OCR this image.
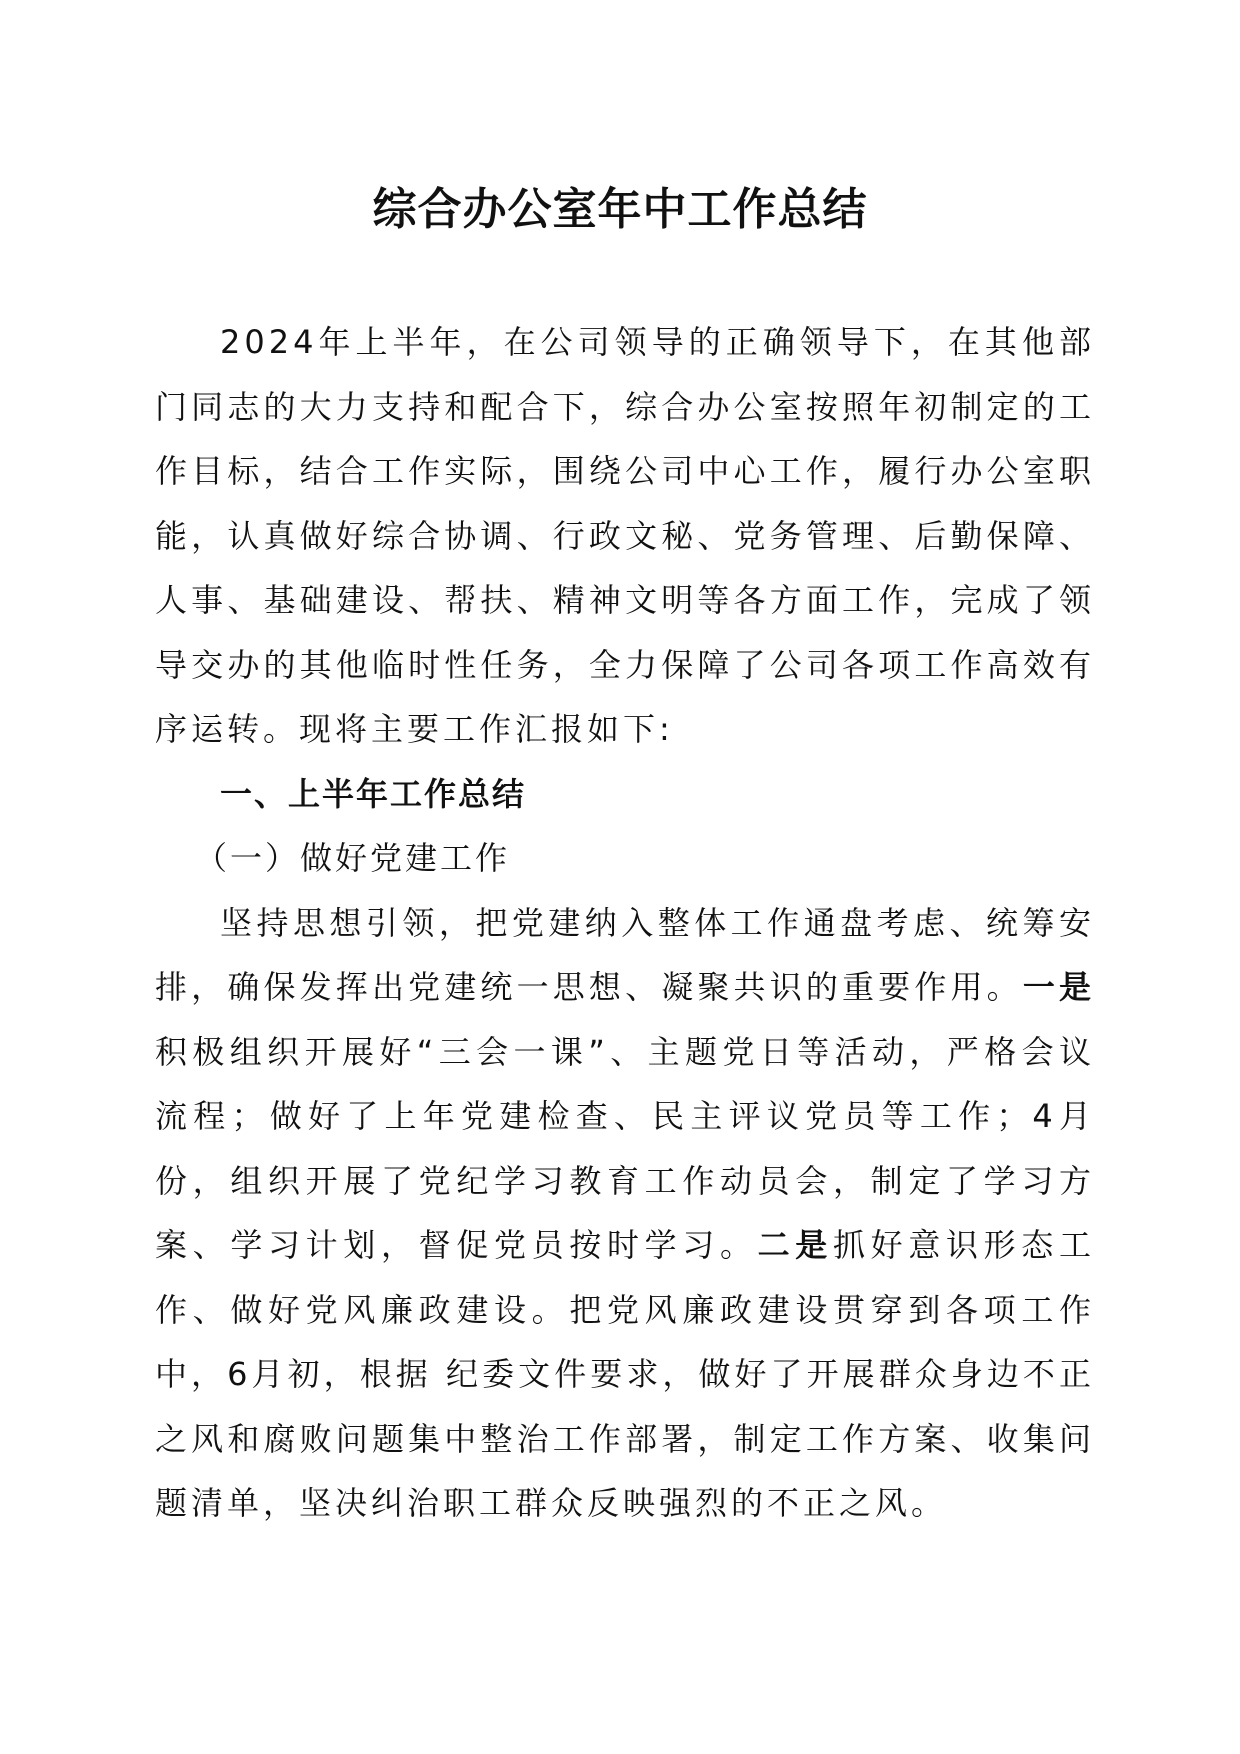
综合办公室年中工作总结

2024年上半年，在公司领导的正确领导下，在其他部门同志的大力支持和配合下，综合办公室按照年初制定的工作目标，结合工作实际，围绕公司中心工作，履行办公室职能，认真做好综合协调、行政文秘、党务管理、后勤保障、人事、基础建设、帮扶、精神文明等各方面工作，完成了领导交办的其他临时性任务，全力保障了公司各项工作高效有序运转。现将主要工作汇报如下:

一、上半年工作总结

（一）做好党建工作

坚持思想引领，把党建纳入整体工作通盘考虑、统筹安排，确保发挥出党建统一思想、凝聚共识的重要作用。一是积极组织开展好“三会一课”、主题党日等活动，严格会议流程；做好了上年党建检查、民主评议党员等工作；4月份，组织开展了党纪学习教育工作动员会，制定了学习方案、学习计划，督促党员按时学习。二是抓好意识形态工作、做好党风廉政建设。把党风廉政建设贯穿到各项工作中，6月初，根据 纪委文件要求，做好了开展群众身边不正之风和腐败问题集中整治工作部署，制定工作方案、收集问题清单，坚决纠治职工群众反映强烈的不正之风。
